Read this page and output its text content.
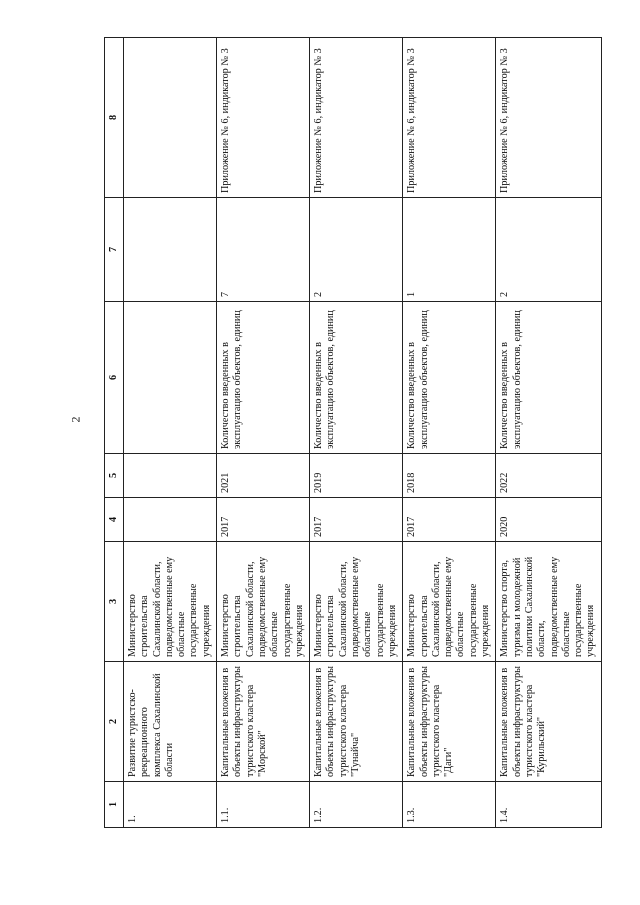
2
1	2	3	4	5	6	7	8
1.	Развитие туристско-рекреационного комплекса Сахалинской области	Министерство строительства Сахалинской области, подведомственные ему областные государственные учреждения					
1.1.	Капитальные вложения в объекты инфраструктуры туристского кластера "Морской"	Министерство строительства Сахалинской области, подведомственные ему областные государственные учреждения	2017	2021	Количество введенных в эксплуатацию объектов, единиц	7	Приложение № 6, индикатор № 3
1.2.	Капитальные вложения в объекты инфраструктуры туристского кластера "Тунайча"	Министерство строительства Сахалинской области, подведомственные ему областные государственные учреждения	2017	2019	Количество введенных в эксплуатацию объектов, единиц	2	Приложение № 6, индикатор № 3
1.3.	Капитальные вложения в объекты инфраструктуры туристского кластера "Даги"	Министерство строительства Сахалинской области, подведомственные ему областные государственные учреждения	2017	2018	Количество введенных в эксплуатацию объектов, единиц	1	Приложение № 6, индикатор № 3
1.4.	Капитальные вложения в объекты инфраструктуры туристского кластера "Курильский"	Министерство спорта, туризма и молодежной политики Сахалинской области, подведомственные ему областные государственные учреждения	2020	2022	Количество введенных в эксплуатацию объектов, единиц	2	Приложение № 6, индикатор № 3
